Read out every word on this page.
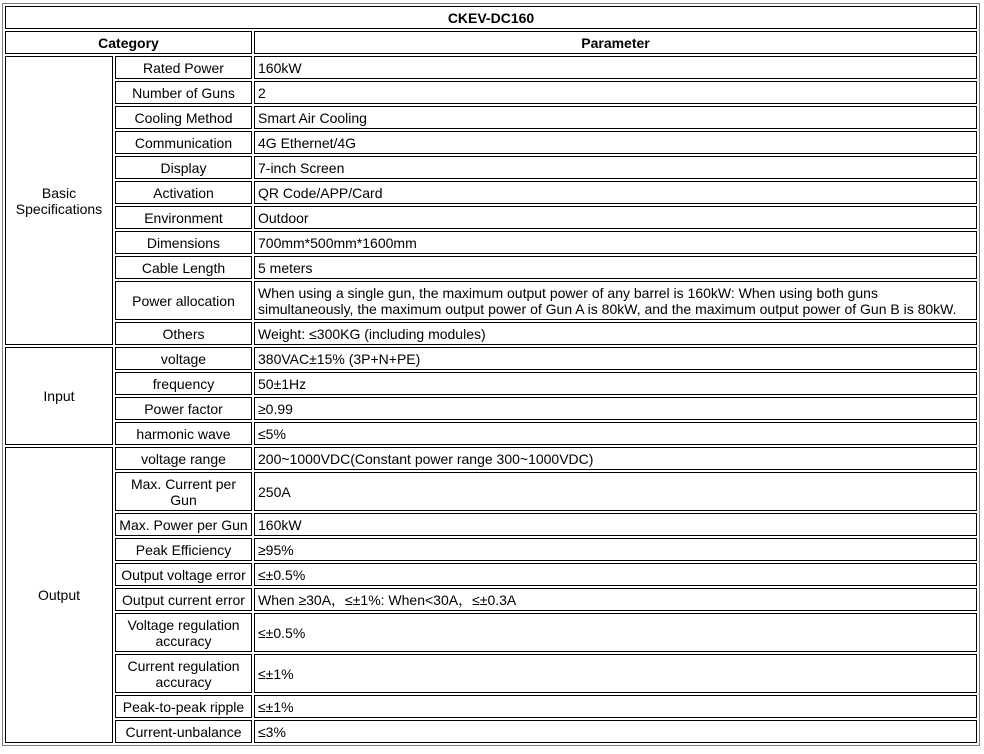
CKEV-DC160		
Category		Parameter
Basic Specifications	Rated Power	160kW
	Number of Guns	2
	Cooling Method	Smart Air Cooling
	Communication	4G Ethernet/4G
	Display	7-inch Screen
	Activation	QR Code/APP/Card
	Environment	Outdoor
	Dimensions	700mm*500mm*1600mm
	Cable Length	5 meters
	Power allocation	When using a single gun, the maximum output power of any barrel is 160kW: When using both guns simultaneously, the maximum output power of Gun A is 80kW, and the maximum output power of Gun B is 80kW.
	Others	Weight: ≤300KG (including modules)
Input	voltage	380VAC±15% (3P+N+PE)
	frequency	50±1Hz
	Power factor	≥0.99
	harmonic wave	≤5%
Output	voltage range	200~1000VDC(Constant power range 300~1000VDC)
	Max. Current per Gun	250A
	Max. Power per Gun	160kW
	Peak Efficiency	≥95%
	Output voltage error	≤±0.5%
	Output current error	When ≥30A，≤±1%: When<30A，≤±0.3A
	Voltage regulation accuracy	≤±0.5%
	Current regulation accuracy	≤±1%
	Peak-to-peak ripple	≤±1%
	Current-unbalance	≤3%
